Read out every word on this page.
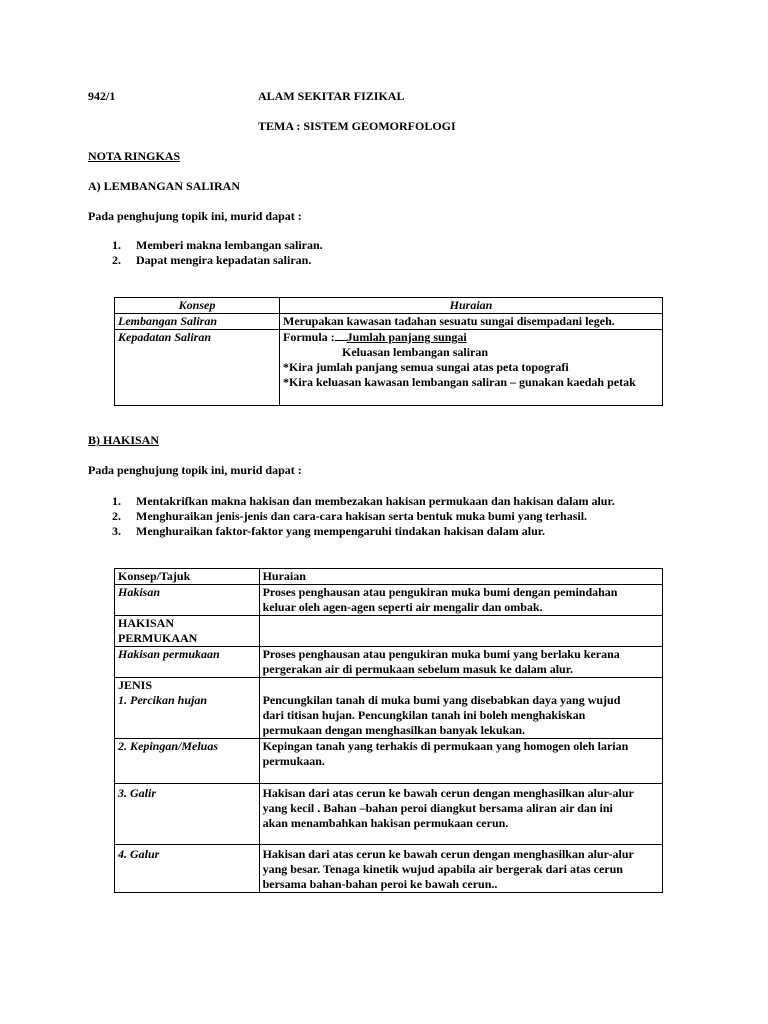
942/1	ALAM SEKITAR FIZIKAL
TEMA : SISTEM GEOMORFOLOGI
NOTA RINGKAS
A) LEMBANGAN SALIRAN
Pada penghujung topik ini, murid dapat :
1. Memberi makna lembangan saliran.
2. Dapat mengira kepadatan saliran.
Konsep	Huraian
Lembangan Saliran	Merupakan kawasan tadahan sesuatu sungai disempadani legeh.
Kepadatan Saliran	Formula : Jumlah panjang sungai
Keluasan lembangan saliran
*Kira jumlah panjang semua sungai atas peta topografi
*Kira keluasan kawasan lembangan saliran – gunakan kaedah petak
B) HAKISAN
Pada penghujung topik ini, murid dapat :
1. Mentakrifkan makna hakisan dan membezakan hakisan permukaan dan hakisan dalam alur.
2. Menghuraikan jenis-jenis dan cara-cara hakisan serta bentuk muka bumi yang terhasil.
3. Menghuraikan faktor-faktor yang mempengaruhi tindakan hakisan dalam alur.
Konsep/Tajuk	Huraian
Hakisan	Proses penghausan atau pengukiran muka bumi dengan pemindahan
keluar oleh agen-agen seperti air mengalir dan ombak.

HAKISAN PERMUKAAN	
Hakisan permukaan	Proses penghausan atau pengukiran muka bumi yang berlaku kerana
pergerakan air di permukaan sebelum masuk ke dalam alur.

JENIS	
1. Percikan hujan	Pencungkilan tanah di muka bumi yang disebabkan daya yang wujud
dari titisan hujan. Pencungkilan tanah ini boleh menghakiskan
permukaan dengan menghasilkan banyak lekukan.

2. Kepingan/Meluas	Kepingan tanah yang terhakis di permukaan yang homogen oleh larian
permukaan.

3. Galir	Hakisan dari atas cerun ke bawah cerun dengan menghasilkan alur-alur
yang kecil . Bahan –bahan peroi diangkut bersama aliran air dan ini
akan menambahkan hakisan permukaan cerun.

4. Galur	Hakisan dari atas cerun ke bawah cerun dengan menghasilkan alur-alur
yang besar. Tenaga kinetik wujud apabila air bergerak dari atas cerun
bersama bahan-bahan peroi ke bawah cerun..
